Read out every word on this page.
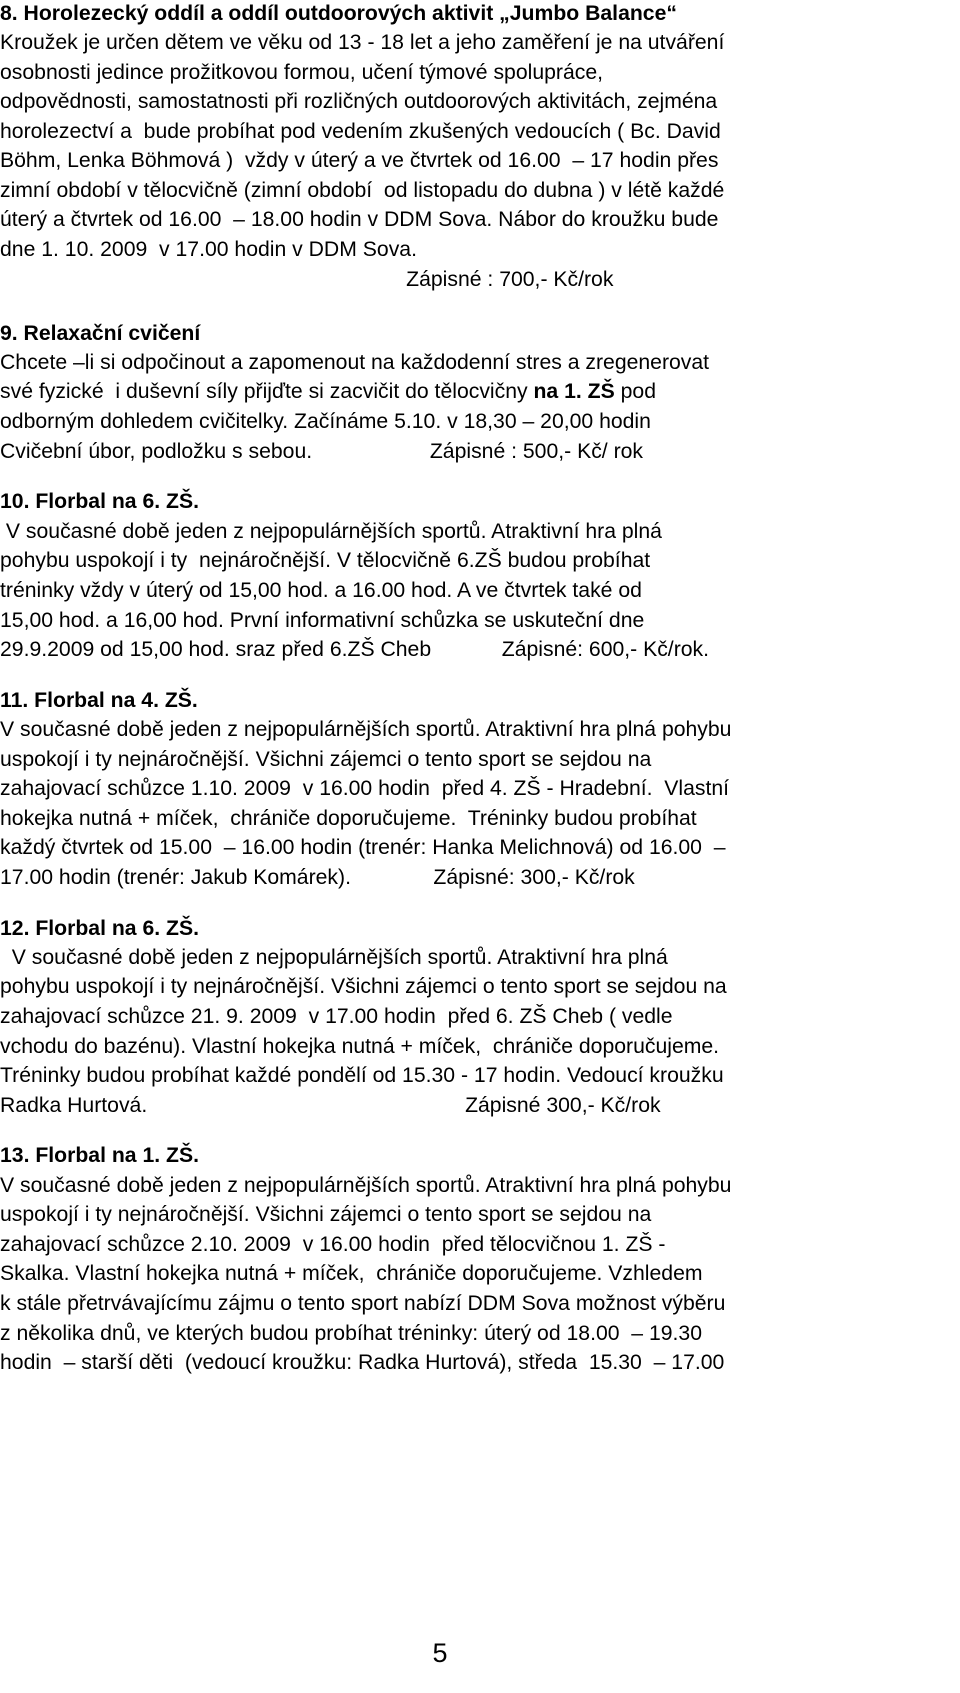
8. Horolezecký oddíl a oddíl outdoorových aktivit „Jumbo Balance“

Kroužek je určen dětem ve věku od 13 - 18 let a jeho zaměření je na utváření

osobnosti jedince prožitkovou formou, učení týmové spolupráce,

odpovědnosti, samostatnosti při rozličných outdoorových aktivitách, zejména

horolezectví a  bude probíhat pod vedením zkušených vedoucích ( Bc. David

Böhm, Lenka Böhmová )  vždy v úterý a ve čtvrtek od 16.00  – 17 hodin přes

zimní období v tělocvičně (zimní období  od listopadu do dubna ) v létě každé

úterý a čtvrtek od 16.00  – 18.00 hodin v DDM Sova. Nábor do kroužku bude

dne 1. 10. 2009  v 17.00 hodin v DDM Sova.

Zápisné : 700,- Kč/rok

9. Relaxační cvičení

Chcete –li si odpočinout a zapomenout na každodenní stres a zregenerovat

své fyzické  i duševní síly přijďte si zacvičit do tělocvičny na 1. ZŠ pod

odborným dohledem cvičitelky. Začínáme 5.10. v 18,30 – 20,00 hodin

Cvičební úbor, podložku s sebou.                    Zápisné : 500,- Kč/ rok

10. Florbal na 6. ZŠ.

V současné době jeden z nejpopulárnějších sportů. Atraktivní hra plná

pohybu uspokojí i ty  nejnáročnější. V tělocvičně 6.ZŠ budou probíhat

tréninky vždy v úterý od 15,00 hod. a 16.00 hod. A ve čtvrtek také od

15,00 hod. a 16,00 hod. První informativní schůzka se uskuteční dne

29.9.2009 od 15,00 hod. sraz před 6.ZŠ Cheb            Zápisné: 600,- Kč/rok.

11. Florbal na 4. ZŠ.

V současné době jeden z nejpopulárnějších sportů. Atraktivní hra plná pohybu

uspokojí i ty nejnáročnější. Všichni zájemci o tento sport se sejdou na

zahajovací schůzce 1.10. 2009  v 16.00 hodin  před 4. ZŠ - Hradební.  Vlastní

hokejka nutná + míček,  chrániče doporučujeme.  Tréninky budou probíhat

každý čtvrtek od 15.00  – 16.00 hodin (trenér: Hanka Melichnová) od 16.00  –

17.00 hodin (trenér: Jakub Komárek).              Zápisné: 300,- Kč/rok

12. Florbal na 6. ZŠ.

V současné době jeden z nejpopulárnějších sportů. Atraktivní hra plná

pohybu uspokojí i ty nejnáročnější. Všichni zájemci o tento sport se sejdou na

zahajovací schůzce 21. 9. 2009  v 17.00 hodin  před 6. ZŠ Cheb ( vedle

vchodu do bazénu). Vlastní hokejka nutná + míček,  chrániče doporučujeme.

Tréninky budou probíhat každé pondělí od 15.30 - 17 hodin. Vedoucí kroužku

Radka Hurtová.                                                      Zápisné 300,- Kč/rok

13. Florbal na 1. ZŠ.

V současné době jeden z nejpopulárnějších sportů. Atraktivní hra plná pohybu

uspokojí i ty nejnáročnější. Všichni zájemci o tento sport se sejdou na

zahajovací schůzce 2.10. 2009  v 16.00 hodin  před tělocvičnou 1. ZŠ -

Skalka. Vlastní hokejka nutná + míček,  chrániče doporučujeme. Vzhledem

k stále přetrvávajícímu zájmu o tento sport nabízí DDM Sova možnost výběru

z několika dnů, ve kterých budou probíhat tréninky: úterý od 18.00  – 19.30

hodin  – starší děti  (vedoucí kroužku: Radka Hurtová), středa  15.30  – 17.00

5
